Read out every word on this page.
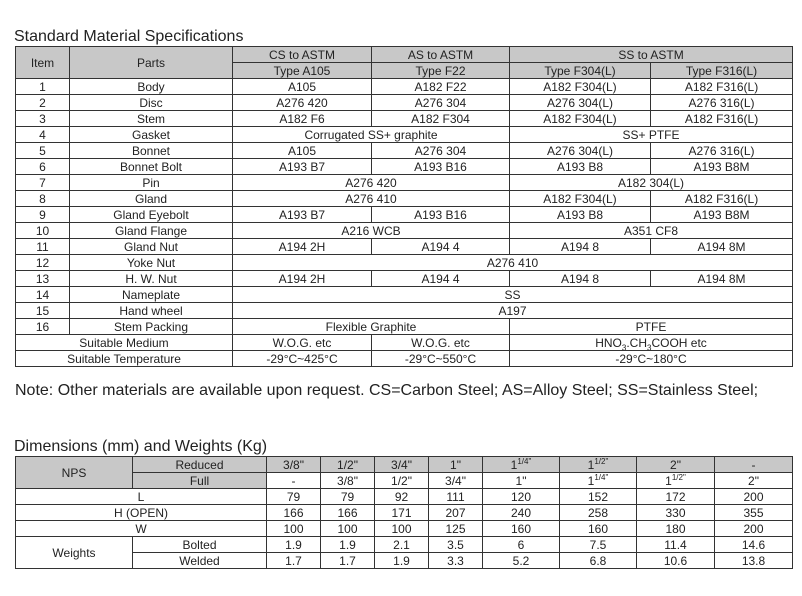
Standard Material Specifications
Item	Parts	CS to ASTM	AS to ASTM	SS to ASTM	
		Type A105	Type F22	Type F304(L)	Type F316(L)
1	Body	A105	A182 F22	A182 F304(L)	A182 F316(L)
2	Disc	A276 420	A276 304	A276 304(L)	A276 316(L)
3	Stem	A182 F6	A182 F304	A182 F304(L)	A182 F316(L)
4	Gasket	Corrugated SS+ graphite		SS+ PTFE	
5	Bonnet	A105	A276 304	A276 304(L)	A276 316(L)
6	Bonnet Bolt	A193 B7	A193 B16	A193 B8	A193 B8M
7	Pin	A276 420		A182 304(L)	
8	Gland	A276 410		A182 F304(L)	A182 F316(L)
9	Gland Eyebolt	A193 B7	A193 B16	A193 B8	A193 B8M
10	Gland Flange	A216 WCB		A351 CF8	
11	Gland Nut	A194 2H	A194 4	A194 8	A194 8M
12	Yoke Nut	A276 410			
13	H. W. Nut	A194 2H	A194 4	A194 8	A194 8M
14	Nameplate	SS			
15	Hand wheel	A197			
16	Stem Packing	Flexible Graphite		PTFE	
Suitable Medium		W.O.G. etc	W.O.G. etc	$HNO_3.CH_3COOH$ etc	
Suitable Temperature		-29°C~425°C	-29°C~550°C	-29°C~180°C	
Note: Other materials are available upon request. CS=Carbon Steel; AS=Alloy Steel; SS=Stainless Steel;
Dimensions (mm) and Weights (Kg)
NPS	Reduced	3/8"	1/2"	3/4"	1"	$1^{1/4"}$	$1^{1/2"}$	2"	-
	Full	-	3/8"	1/2"	3/4"	1"	$1^{1/4"}$	$1^{1/2"}$	2"
L		79	79	92	111	120	152	172	200
H (OPEN)		166	166	171	207	240	258	330	355
W		100	100	100	125	160	160	180	200
Weights	Bolted	1.9	1.9	2.1	3.5	6	7.5	11.4	14.6
	Welded	1.7	1.7	1.9	3.3	5.2	6.8	10.6	13.8
